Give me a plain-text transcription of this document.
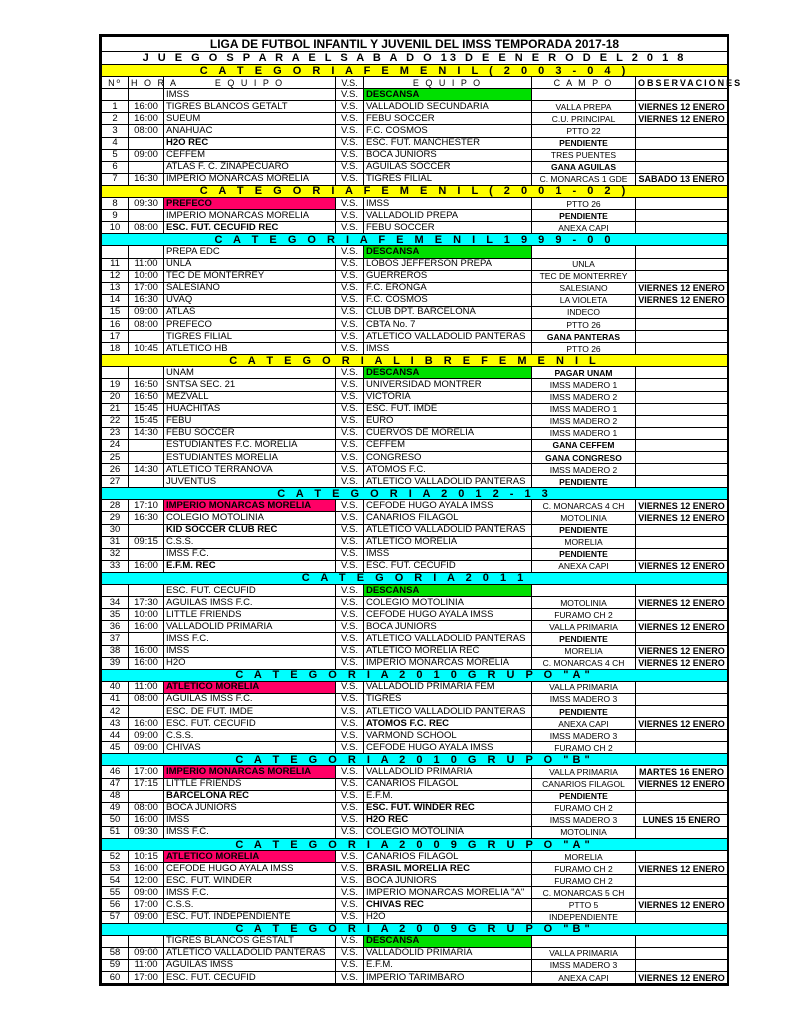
LIGA DE FUTBOL INFANTIL Y JUVENIL DEL IMSS TEMPORADA 2017-18						
J U E G O S P A R A E L S A B A D O 13 D E E N E R O D E L 2 0 1 8						
C A T E G O R I A F E M E N I L ( 2 0 0 3 - 0 4 )						
Nº	H O R A	E Q U I P O	V.S.	E Q U I P O	C A M P O	OBSERVACIONES
		IMSS	V.S.	DESCANSA		
1	16:00	TIGRES BLANCOS GETALT	V.S.	VALLADOLID SECUNDARIA	VALLA PREPA	VIERNES 12 ENERO
2	16:00	SUEUM	V.S.	FEBU SOCCER	C.U. PRINCIPAL	VIERNES 12 ENERO
3	08:00	ANAHUAC	V.S.	F.C. COSMOS	PTTO 22	
4		H2O REC	V.S.	ESC. FUT. MANCHESTER	PENDIENTE	
5	09:00	CEFFEM	V.S.	BOCA JUNIORS	TRES PUENTES	
6		ATLAS F. C. ZINAPECUARO	V.S.	AGUILAS SOCCER	GANA AGUILAS	
7	16:30	IMPERIO MONARCAS MORELIA	V.S.	TIGRES FILIAL	C. MONARCAS 1 GDE	SABADO 13 ENERO
C A T E G O R I A F E M E N I L ( 2 0 0 1 - 0 2 )						
8	09:30	PREFECO	V.S.	IMSS	PTTO 26	
9		IMPERIO MONARCAS MORELIA	V.S.	VALLADOLID PREPA	PENDIENTE	
10	08:00	ESC. FUT. CECUFID REC	V.S.	FEBU SOCCER	ANEXA CAPI	
C A T E G O R I A F E M E N I L 1 9 9 9 - 0 0						
		PREPA EDC	V.S.	DESCANSA		
11	11:00	UNLA	V.S.	LOBOS JEFFERSON PREPA	UNLA	
12	10:00	TEC DE MONTERREY	V.S.	GUERREROS	TEC DE MONTERREY	
13	17:00	SALESIANO	V.S.	F.C. ERONGA	SALESIANO	VIERNES 12 ENERO
14	16:30	UVAQ	V.S.	F.C. COSMOS	LA VIOLETA	VIERNES 12 ENERO
15	09:00	ATLAS	V.S.	CLUB DPT. BARCELONA	INDECO	
16	08:00	PREFECO	V.S.	CBTA No. 7	PTTO 26	
17		TIGRES FILIAL	V.S.	ATLETICO VALLADOLID PANTERAS	GANA PANTERAS	
18	10:45	ATLETICO HB	V.S.	IMSS	PTTO 26	
C A T E G O R I A L I B R E F E M E N I L						
		UNAM	V.S.	DESCANSA	PAGAR UNAM	
19	16:50	SNTSA SEC. 21	V.S.	UNIVERSIDAD MONTRER	IMSS MADERO 1	
20	16:50	MEZVALL	V.S.	VICTORIA	IMSS MADERO 2	
21	15:45	HUACHITAS	V.S.	ESC. FUT. IMDE	IMSS MADERO 1	
22	15:45	FEBU	V.S.	EURO	IMSS MADERO 2	
23	14:30	FEBU SOCCER	V.S.	CUERVOS DE MORELIA	IMSS MADERO 1	
24		ESTUDIANTES F.C. MORELIA	V.S.	CEFFEM	GANA CEFFEM	
25		ESTUDIANTES MORELIA	V.S.	CONGRESO	GANA CONGRESO	
26	14:30	ATLETICO TERRANOVA	V.S.	ATOMOS F.C.	IMSS MADERO 2	
27		JUVENTUS	V.S.	ATLETICO VALLADOLID PANTERAS	PENDIENTE	
C A T E G O R I A 2 0 1 2 - 1 3						
28	17:10	IMPERIO MONARCAS MORELIA	V.S.	CEFODE HUGO AYALA IMSS	C. MONARCAS 4 CH	VIERNES 12 ENERO
29	16:30	COLEGIO MOTOLINIA	V.S.	CANARIOS FILAGOL	MOTOLINIA	VIERNES 12 ENERO
30		KID SOCCER CLUB REC	V.S.	ATLETICO VALLADOLID PANTERAS	PENDIENTE	
31	09:15	C.S.S.	V.S.	ATLETICO MORELIA	MORELIA	
32		IMSS F.C.	V.S.	IMSS	PENDIENTE	
33	16:00	E.F.M. REC	V.S.	ESC. FUT. CECUFID	ANEXA CAPI	VIERNES 12 ENERO
C A T E G O R I A 2 0 1 1						
		ESC. FUT. CECUFID	V.S.	DESCANSA		
34	17:30	AGUILAS IMSS F.C.	V.S.	COLEGIO MOTOLINIA	MOTOLINIA	VIERNES 12 ENERO
35	10:00	LITTLE FRIENDS	V.S.	CEFODE HUGO AYALA IMSS	FURAMO CH 2	
36	16:00	VALLADOLID PRIMARIA	V.S.	BOCA JUNIORS	VALLA PRIMARIA	VIERNES 12 ENERO
37		IMSS F.C.	V.S.	ATLETICO VALLADOLID PANTERAS	PENDIENTE	
38	16:00	IMSS	V.S.	ATLETICO MORELIA REC	MORELIA	VIERNES 12 ENERO
39	16:00	H2O	V.S.	IMPERIO MONARCAS MORELIA	C. MONARCAS 4 CH	VIERNES 12 ENERO
C A T E G O R I A 2 0 1 0 G R U P O "A"						
40	11:00	ATLETICO MORELIA	V.S.	VALLADOLID PRIMARIA FEM	VALLA PRIMARIA	
41	08:00	AGUILAS IMSS F.C.	V.S.	TIGRES	IMSS MADERO 3	
42		ESC. DE FUT. IMDE	V.S.	ATLETICO VALLADOLID PANTERAS	PENDIENTE	
43	16:00	ESC. FUT. CECUFID	V.S.	ATOMOS F.C. REC	ANEXA CAPI	VIERNES 12 ENERO
44	09:00	C.S.S.	V.S.	VARMOND SCHOOL	IMSS MADERO 3	
45	09:00	CHIVAS	V.S.	CEFODE HUGO AYALA IMSS	FURAMO CH 2	
C A T E G O R I A 2 0 1 0 G R U P O "B"						
46	17:00	IMPERIO MONARCAS MORELIA	V.S.	VALLADOLID PRIMARIA	VALLA PRIMARIA	MARTES 16 ENERO
47	17:15	LITTLE FRIENDS	V.S.	CANARIOS FILAGOL	CANARIOS FILAGOL	VIERNES 12 ENERO
48		BARCELONA REC	V.S.	E.F.M.	PENDIENTE	
49	08:00	BOCA JUNIORS	V.S.	ESC. FUT. WINDER REC	FURAMO CH 2	
50	16:00	IMSS	V.S.	H2O REC	IMSS MADERO 3	LUNES 15 ENERO
51	09:30	IMSS F.C.	V.S.	COLEGIO MOTOLINIA	MOTOLINIA	
C A T E G O R I A 2 0 0 9 G R U P O "A"						
52	10:15	ATLETICO MORELIA	V.S.	CANARIOS FILAGOL	MORELIA	
53	16:00	CEFODE HUGO AYALA IMSS	V.S.	BRASIL MORELIA REC	FURAMO CH 2	VIERNES 12 ENERO
54	12:00	ESC. FUT. WINDER	V.S.	BOCA JUNIORS	FURAMO CH 2	
55	09:00	IMSS F.C.	V.S.	IMPERIO MONARCAS MORELIA "A"	C. MONARCAS 5 CH	
56	17:00	C.S.S.	V.S.	CHIVAS REC	PTTO 5	VIERNES 12 ENERO
57	09:00	ESC. FUT. INDEPENDIENTE	V.S.	H2O	INDEPENDIENTE	
C A T E G O R I A 2 0 0 9 G R U P O "B"						
		TIGRES BLANCOS GESTALT	V.S.	DESCANSA		
58	09:00	ATLETICO VALLADOLID PANTERAS	V.S.	VALLADOLID PRIMARIA	VALLA PRIMARIA	
59	11:00	AGUILAS IMSS	V.S.	E.F.M.	IMSS MADERO 3	
60	17:00	ESC. FUT. CECUFID	V.S.	IMPERIO TARIMBARO	ANEXA CAPI	VIERNES 12 ENERO
